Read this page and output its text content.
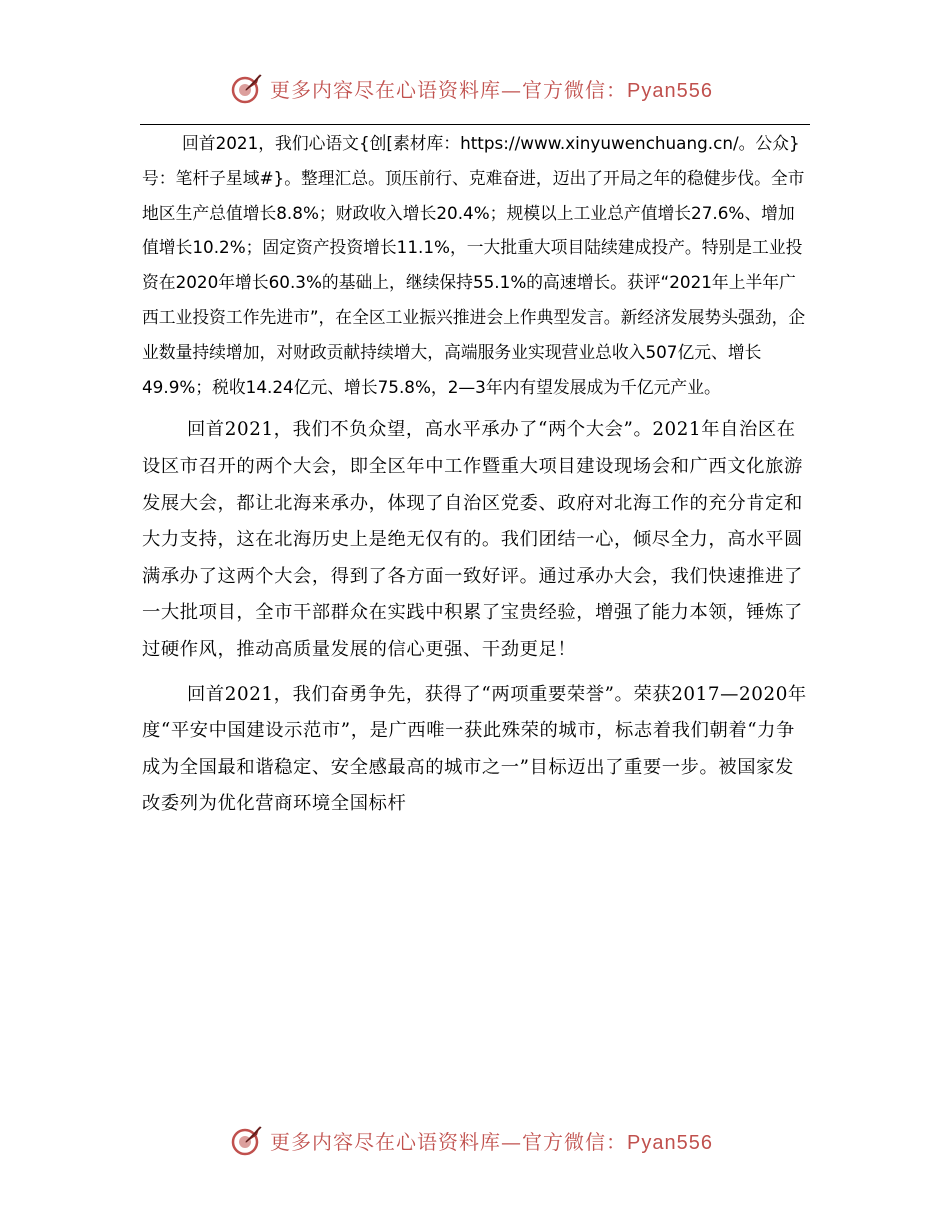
更多内容尽在心语资料库—官方微信：Pyan556

回首2021，我们心语文{创[素材库：https://www.xinyuwenchuang.cn/。公众}号：笔杆子星域#}。整理汇总。顶压前行、克难奋进，迈出了开局之年的稳健步伐。全市地区生产总值增长8.8%；财政收入增长20.4%；规模以上工业总产值增长27.6%、增加值增长10.2%；固定资产投资增长11.1%，一大批重大项目陆续建成投产。特别是工业投资在2020年增长60.3%的基础上，继续保持55.1%的高速增长。获评“2021年上半年广西工业投资工作先进市”，在全区工业振兴推进会上作典型发言。新经济发展势头强劲，企业数量持续增加，对财政贡献持续增大，高端服务业实现营业总收入507亿元、增长49.9%；税收14.24亿元、增长75.8%，2—3年内有望发展成为千亿元产业。

回首2021，我们不负众望，高水平承办了“两个大会”。2021年自治区在设区市召开的两个大会，即全区年中工作暨重大项目建设现场会和广西文化旅游发展大会，都让北海来承办，体现了自治区党委、政府对北海工作的充分肯定和大力支持，这在北海历史上是绝无仅有的。我们团结一心，倾尽全力，高水平圆满承办了这两个大会，得到了各方面一致好评。通过承办大会，我们快速推进了一大批项目，全市干部群众在实践中积累了宝贵经验，增强了能力本领，锤炼了过硬作风，推动高质量发展的信心更强、干劲更足！

回首2021，我们奋勇争先，获得了“两项重要荣誉”。荣获2017—2020年度“平安中国建设示范市”，是广西唯一获此殊荣的城市，标志着我们朝着“力争成为全国最和谐稳定、安全感最高的城市之一”目标迈出了重要一步。被国家发改委列为优化营商环境全国标杆

更多内容尽在心语资料库—官方微信：Pyan556
